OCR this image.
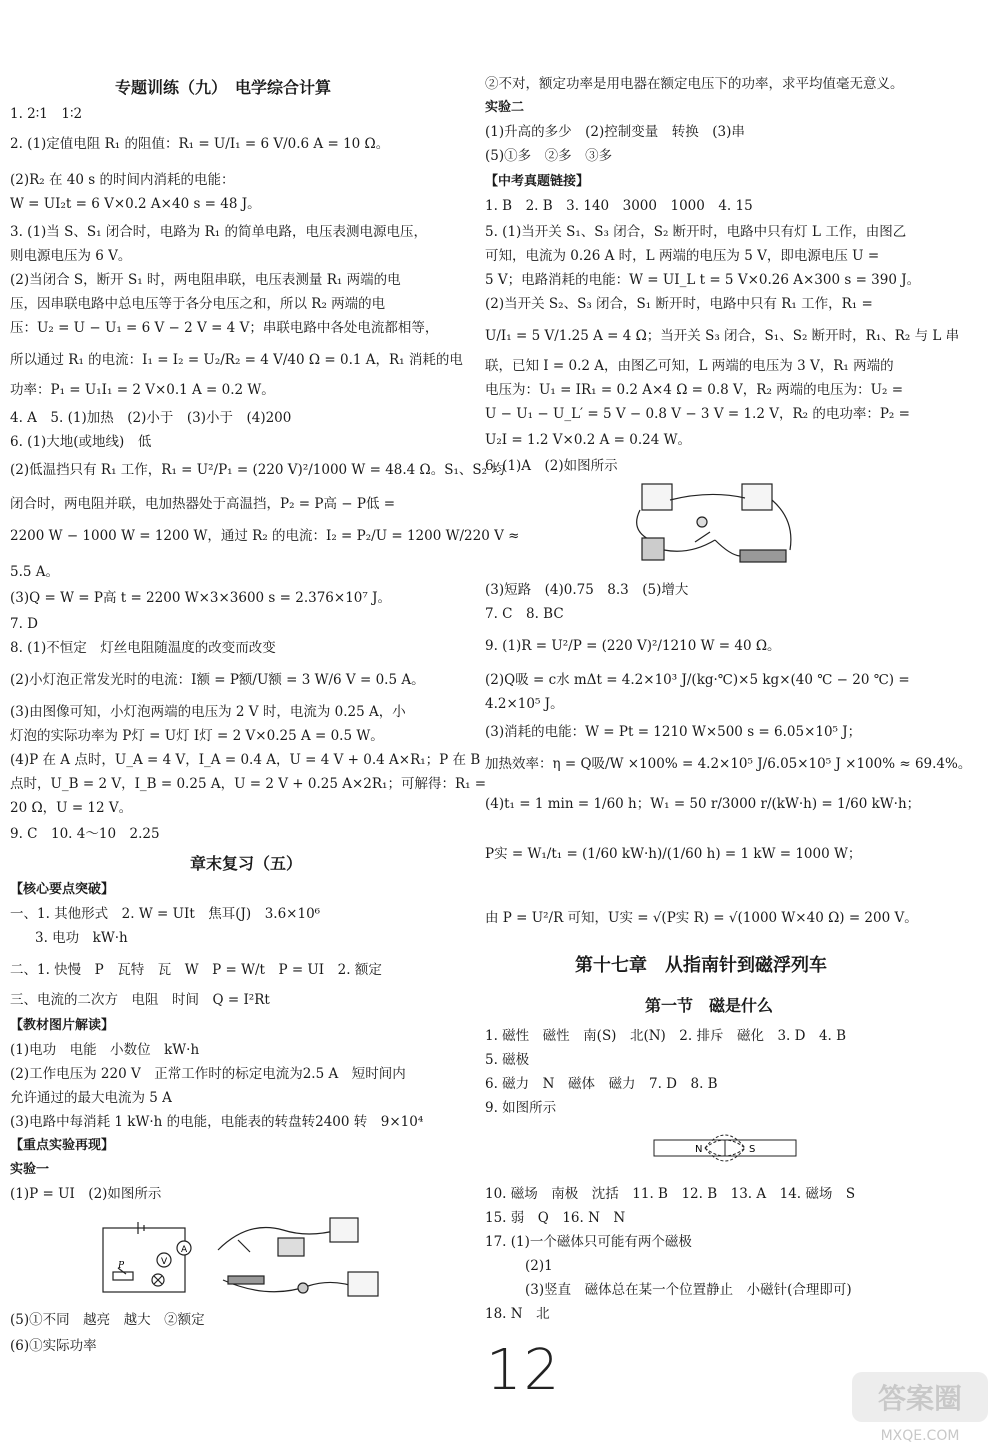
专题训练（九）　电学综合计算
1. 2∶1　1∶2
2. (1)定值电阻 R₁ 的阻值：R₁ = U/I₁ = 6 V/0.6 A = 10 Ω。
(2)R₂ 在 40 s 的时间内消耗的电能：
W = UI₂t = 6 V×0.2 A×40 s = 48 J。
3. (1)当 S、S₁ 闭合时，电路为 R₁ 的简单电路，电压表测电源电压，
则电源电压为 6 V。
(2)当闭合 S，断开 S₁ 时，两电阻串联，电压表测量 R₁ 两端的电
压，因串联电路中总电压等于各分电压之和，所以 R₂ 两端的电
压：U₂ = U − U₁ = 6 V − 2 V = 4 V；串联电路中各处电流都相等，
所以通过 R₁ 的电流：I₁ = I₂ = U₂/R₂ = 4 V/40 Ω = 0.1 A，R₁ 消耗的电
功率：P₁ = U₁I₁ = 2 V×0.1 A = 0.2 W。
4. A　5. (1)加热　(2)小于　(3)小于　(4)200
6. (1)大地(或地线)　低
(2)低温挡只有 R₁ 工作，R₁ = U²/P₁ = (220 V)²/1000 W = 48.4 Ω。S₁、S₂ 均
闭合时，两电阻并联，电加热器处于高温挡，P₂ = P高 − P低 =
2200 W − 1000 W = 1200 W，通过 R₂ 的电流：I₂ = P₂/U = 1200 W/220 V ≈
5.5 A。
(3)Q = W = P高 t = 2200 W×3×3600 s = 2.376×10⁷ J。
7. D
8. (1)不恒定　灯丝电阻随温度的改变而改变
(2)小灯泡正常发光时的电流：I额 = P额/U额 = 3 W/6 V = 0.5 A。
(3)由图像可知，小灯泡两端的电压为 2 V 时，电流为 0.25 A，小
灯泡的实际功率为 P灯 = U灯 I灯 = 2 V×0.25 A = 0.5 W。
(4)P 在 A 点时，U_A = 4 V，I_A = 0.4 A，U = 4 V + 0.4 A×R₁；P 在 B
点时，U_B = 2 V，I_B = 0.25 A，U = 2 V + 0.25 A×2R₁；可解得：R₁ =
20 Ω，U = 12 V。
9. C　10. 4～10　2.25
章末复习（五）
【核心要点突破】
一、1. 其他形式　2. W = UIt　焦耳(J)　3.6×10⁶
3. 电功　kW·h
二、1. 快慢　P　瓦特　瓦　W　P = W/t　P = UI　2. 额定
三、电流的二次方　电阻　时间　Q = I²Rt
【教材图片解读】
(1)电功　电能　小数位　kW·h
(2)工作电压为 220 V　正常工作时的标定电流为2.5 A　短时间内
允许通过的最大电流为 5 A
(3)电路中每消耗 1 kW·h 的电能，电能表的转盘转2400 转　9×10⁴
【重点实验再现】
实验一
(1)P = UI　(2)如图所示
(5)①不同　越亮　越大　②额定
(6)①实际功率
A
V
P
②不对，额定功率是用电器在额定电压下的功率，求平均值毫无意义。
实验二
(1)升高的多少　(2)控制变量　转换　(3)串
(5)①多　②多　③多
【中考真题链接】
1. B　2. B　3. 140　3000　1000　4. 15
5. (1)当开关 S₁、S₃ 闭合，S₂ 断开时，电路中只有灯 L 工作，由图乙
可知，电流为 0.26 A 时，L 两端的电压为 5 V，即电源电压 U =
5 V；电路消耗的电能：W = UI_L t = 5 V×0.26 A×300 s = 390 J。
(2)当开关 S₂、S₃ 闭合，S₁ 断开时，电路中只有 R₁ 工作，R₁ =
U/I₁ = 5 V/1.25 A = 4 Ω；当开关 S₃ 闭合，S₁、S₂ 断开时，R₁、R₂ 与 L 串
联，已知 I = 0.2 A，由图乙可知，L 两端的电压为 3 V，R₁ 两端的
电压为：U₁ = IR₁ = 0.2 A×4 Ω = 0.8 V，R₂ 两端的电压为：U₂ =
U − U₁ − U_L′ = 5 V − 0.8 V − 3 V = 1.2 V，R₂ 的电功率：P₂ =
U₂I = 1.2 V×0.2 A = 0.24 W。
6. (1)A　(2)如图所示
(3)短路　(4)0.75　8.3　(5)增大
7. C　8. BC
9. (1)R = U²/P = (220 V)²/1210 W = 40 Ω。
(2)Q吸 = c水 mΔt = 4.2×10³ J/(kg·℃)×5 kg×(40 ℃ − 20 ℃) =
4.2×10⁵ J。
(3)消耗的电能：W = Pt = 1210 W×500 s = 6.05×10⁵ J；
加热效率：η = Q吸/W ×100% = 4.2×10⁵ J/6.05×10⁵ J ×100% ≈ 69.4%。
(4)t₁ = 1 min = 1/60 h；W₁ = 50 r/3000 r/(kW·h) = 1/60 kW·h；
P实 = W₁/t₁ = (1/60 kW·h)/(1/60 h) = 1 kW = 1000 W；
由 P = U²/R 可知，U实 = √(P实 R) = √(1000 W×40 Ω) = 200 V。
第十七章　从指南针到磁浮列车
第一节　磁是什么
1. 磁性　磁性　南(S)　北(N)　2. 排斥　磁化　3. D　4. B
5. 磁极
6. 磁力　N　磁体　磁力　7. D　8. B
9. 如图所示
10. 磁场　南极　沈括　11. B　12. B　13. A　14. 磁场　S
15. 弱　Q　16. N　N
17. (1)一个磁体只可能有两个磁极
(2)1
(3)竖直　磁体总在某一个位置静止　小磁针(合理即可)
18. N　北
N	S
12	答案圈
MXQE.COM
